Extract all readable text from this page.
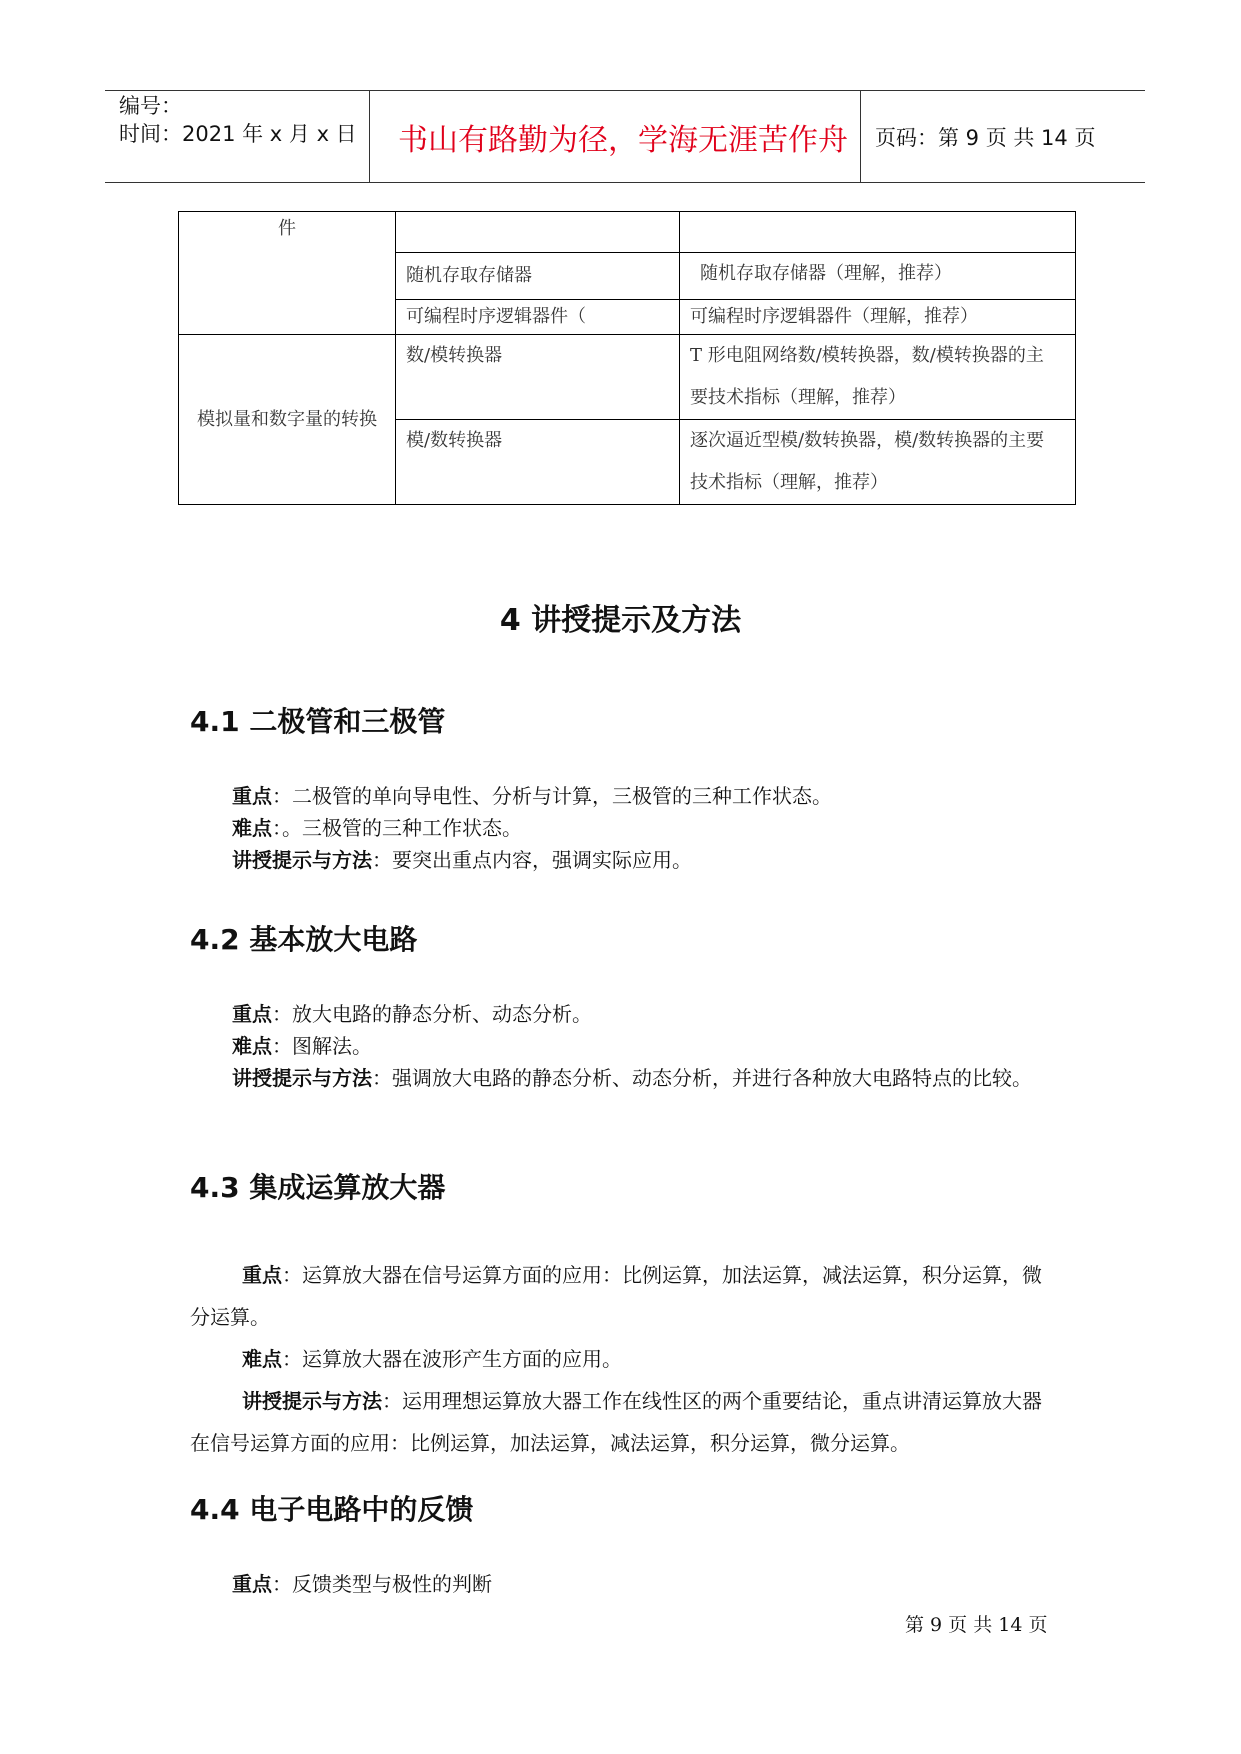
编号：
时间：2021 年 x 月 x 日	书山有路勤为径，学海无涯苦作舟	页码：第 9 页 共 14 页
件		
	随机存取存储器	随机存取存储器（理解，推荐）
	可编程时序逻辑器件（	可编程时序逻辑器件（理解，推荐）
模拟量和数字量的转换	数/模转换器	T 形电阻网络数/模转换器，数/模转换器的主
要技术指标（理解，推荐）

	模/数转换器	逐次逼近型模/数转换器，模/数转换器的主要
技术指标（理解，推荐）
4 讲授提示及方法
4.1 二极管和三极管
重点：二极管的单向导电性、分析与计算，三极管的三种工作状态。
难点：。三极管的三种工作状态。
讲授提示与方法：要突出重点内容，强调实际应用。
4.2 基本放大电路
重点：放大电路的静态分析、动态分析。
难点：图解法。
讲授提示与方法：强调放大电路的静态分析、动态分析，并进行各种放大电路特点的比较。
4.3 集成运算放大器
重点：运算放大器在信号运算方面的应用：比例运算，加法运算，减法运算，积分运算，微分运算。
难点：运算放大器在波形产生方面的应用。
讲授提示与方法：运用理想运算放大器工作在线性区的两个重要结论，重点讲清运算放大器在信号运算方面的应用：比例运算，加法运算，减法运算，积分运算，微分运算。
4.4 电子电路中的反馈
重点：反馈类型与极性的判断
第 9 页 共 14 页
